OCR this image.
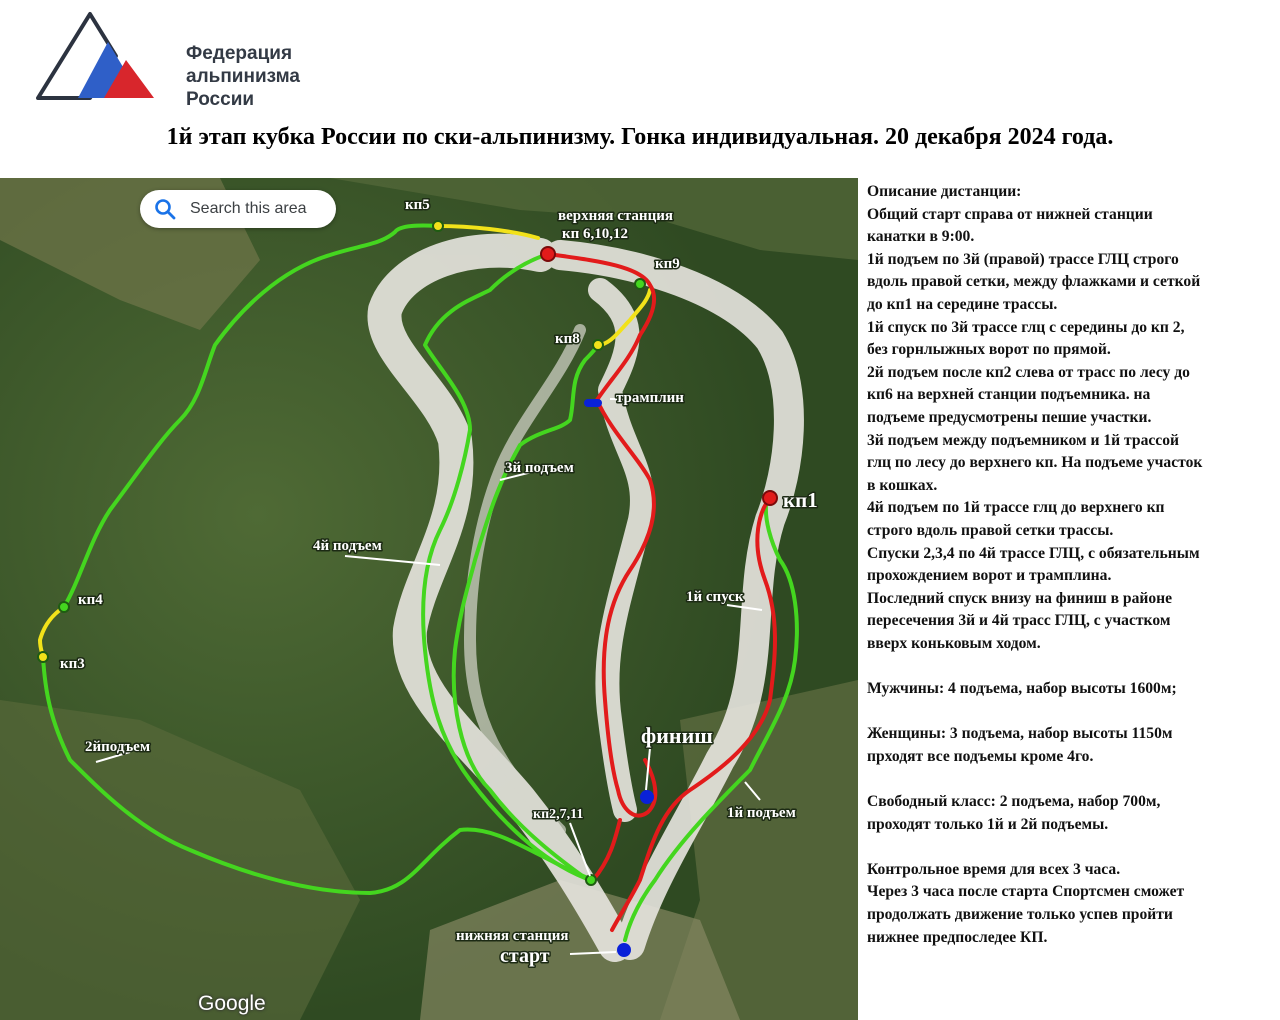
Федерация
альпинизма
России
1й этап кубка России по ски-альпинизму. Гонка индивидуальная. 20 декабря 2024 года.
верхняя станция
кп 6,10,12
кп5
кп9
кп8
трамплин
3й подъем
кп1
4й подъем
1й спуск
кп4
кп3
2йподъем	финиш
кп2,7,11	1й подъем
нижняя станция
старт
Search this area
Google
Описание дистанции:
Общий старт справа от нижней станции
канатки в 9:00.
1й подъем по 3й (правой) трассе ГЛЦ строго
вдоль правой сетки, между флажками и сеткой
до кп1 на середине трассы.
1й спуск по 3й трассе глц с середины до кп 2,
без горнлыжных ворот по прямой.
2й подъем после кп2 слева от трасс по лесу до
кп6 на верхней станции подъемника. на
подъеме предусмотрены пешие участки.
3й подъем между подъемником и 1й трассой
глц по лесу до верхнего кп. На подъеме участок
в кошках.
4й подъем по 1й трассе глц до верхнего кп
строго вдоль правой сетки трассы.
Спуски 2,3,4 по 4й трассе ГЛЦ, с обязательным
прохождением ворот и трамплина.
Последний спуск внизу на финиш в районе
пересечения 3й и 4й трасс ГЛЦ, с участком
вверх коньковым ходом.
Мужчины: 4 подъема, набор высоты 1600м;
Женщины: 3 подъема, набор высоты 1150м
прходят все подъемы кроме 4го.
Свободный класс: 2 подъема, набор 700м,
проходят только 1й и 2й подъемы.
Контрольное время для всех 3 часа.
Через 3 часа после старта Спортсмен сможет
продолжать движение только успев пройти
нижнее предпоследее КП.
